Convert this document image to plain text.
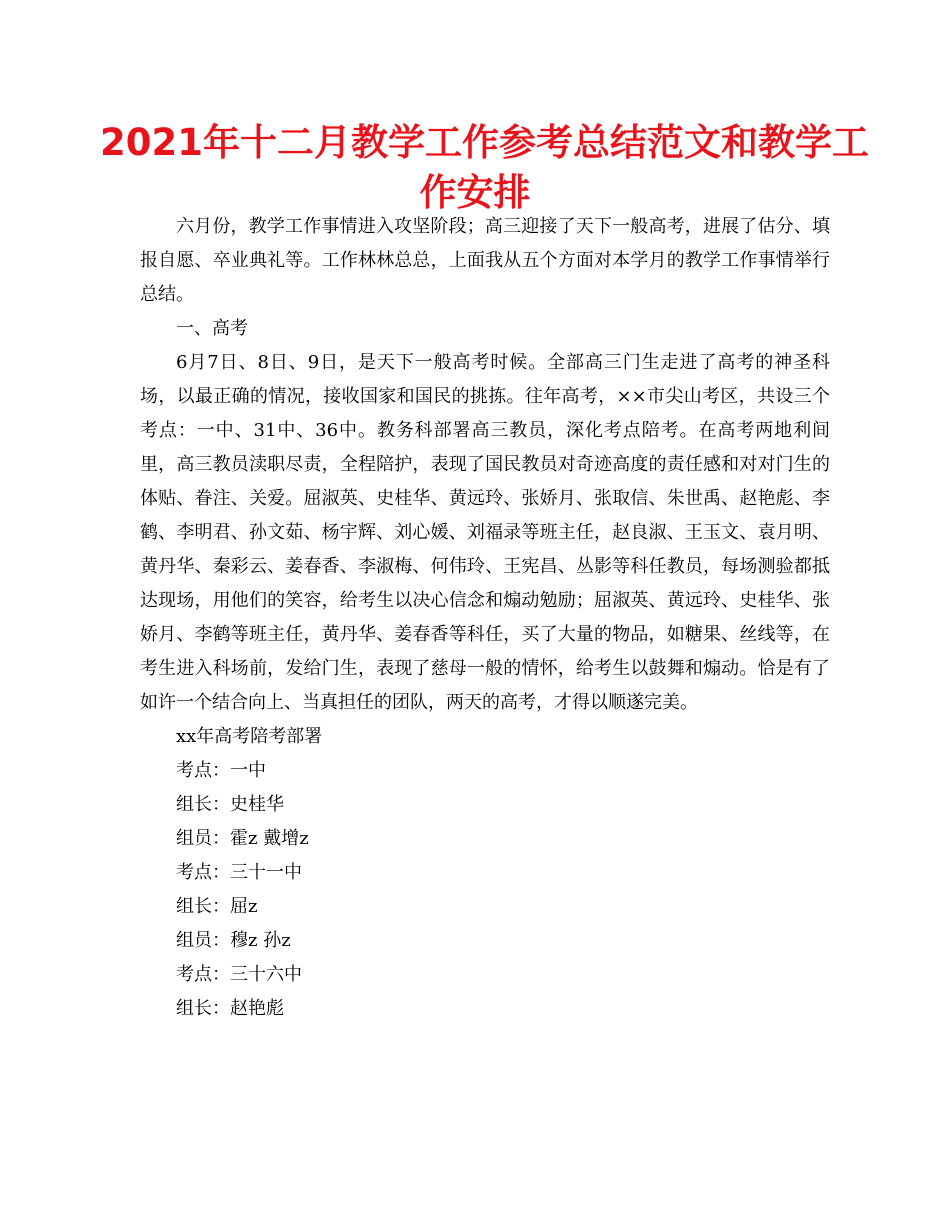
2021年十二月教学工作参考总结范文和教学工
作安排

六月份，教学工作事情进入攻坚阶段；高三迎接了天下一般高考，进展了估分、填报自愿、卒业典礼等。工作林林总总，上面我从五个方面对本学月的教学工作事情举行总结。

一、高考

6月7日、8日、9日，是天下一般高考时候。全部高三门生走进了高考的神圣科场，以最正确的情况，接收国家和国民的挑拣。往年高考，××市尖山考区，共设三个考点：一中、31中、36中。教务科部署高三教员，深化考点陪考。在高考两地利间里，高三教员渎职尽责，全程陪护，表现了国民教员对奇迹高度的责任感和对对门生的体贴、眷注、关爱。屈淑英、史桂华、黄远玲、张娇月、张取信、朱世禹、赵艳彪、李鹤、李明君、孙文茹、杨宇辉、刘心媛、刘福录等班主任，赵良淑、王玉文、袁月明、黄丹华、秦彩云、姜春香、李淑梅、何伟玲、王宪昌、丛影等科任教员，每场测验都抵达现场，用他们的笑容，给考生以决心信念和煽动勉励；屈淑英、黄远玲、史桂华、张娇月、李鹤等班主任，黄丹华、姜春香等科任，买了大量的物品，如糖果、丝线等，在考生进入科场前，发给门生，表现了慈母一般的情怀，给考生以鼓舞和煽动。恰是有了如许一个结合向上、当真担任的团队，两天的高考，才得以顺遂完美。

xx年高考陪考部署

考点：一中

组长：史桂华

组员：霍z 戴增z

考点：三十一中

组长：屈z

组员：穆z 孙z

考点：三十六中

组长：赵艳彪
